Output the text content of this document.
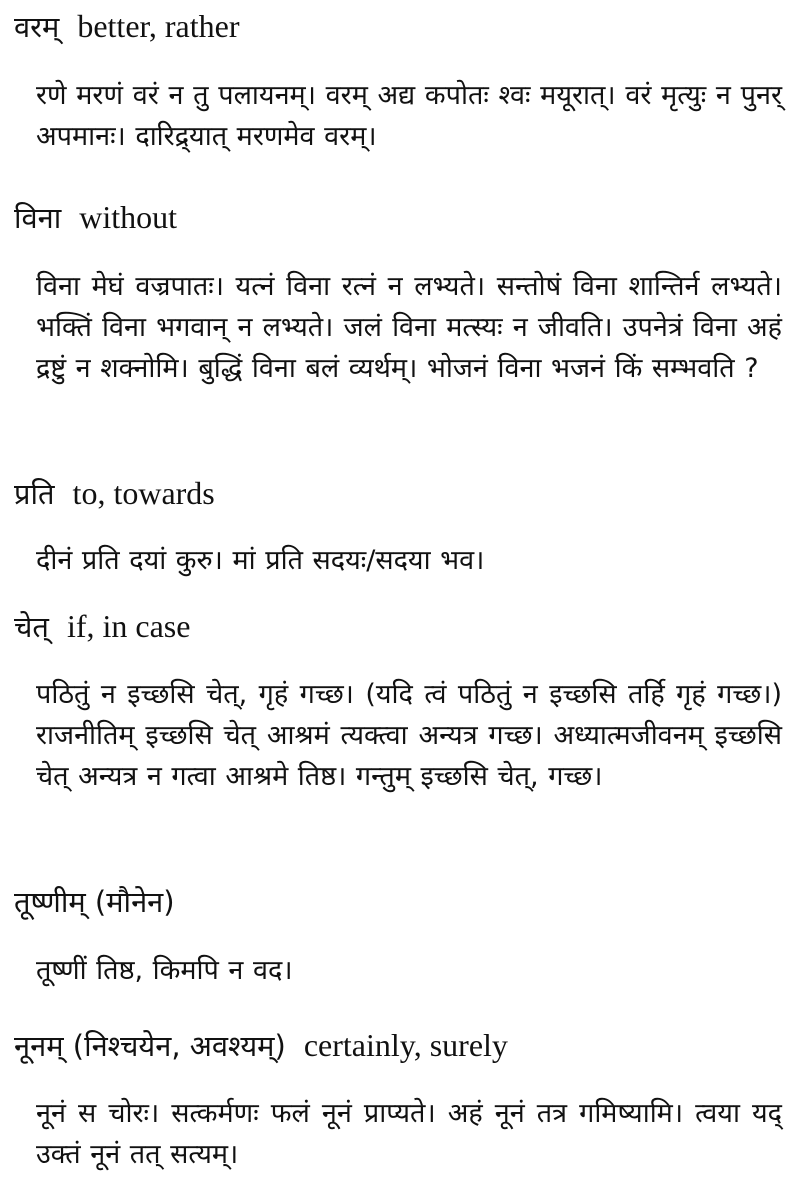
वरम् better, rather

रणे मरणं वरं न तु पलायनम्। वरम् अद्य कपोतः श्वः मयूरात्। वरं मृत्युः न पुनर् अपमानः। दारिद्र्यात् मरणमेव वरम्।

विना without

विना मेघं वज्रपातः। यत्नं विना रत्नं न लभ्यते। सन्तोषं विना शान्तिर्न लभ्यते। भक्तिं विना भगवान् न लभ्यते। जलं विना मत्स्यः न जीवति। उपनेत्रं विना अहं द्रष्टुं न शक्नोमि। बुद्धिं विना बलं व्यर्थम्। भोजनं विना भजनं किं सम्भवति ?

प्रति to, towards

दीनं प्रति दयां कुरु। मां प्रति सदयः/सदया भव।

चेत् if, in case

पठितुं न इच्छसि चेत्, गृहं गच्छ। (यदि त्वं पठितुं न इच्छसि तर्हि गृहं गच्छ।) राजनीतिम् इच्छसि चेत् आश्रमं त्यक्त्वा अन्यत्र गच्छ। अध्यात्मजीवनम् इच्छसि चेत् अन्यत्र न गत्वा आश्रमे तिष्ठ। गन्तुम् इच्छसि चेत्, गच्छ।

तूष्णीम् (मौनेन)

तूष्णीं तिष्ठ, किमपि न वद।

नूनम् (निश्चयेन, अवश्यम्) certainly, surely

नूनं स चोरः। सत्कर्मणः फलं नूनं प्राप्यते। अहं नूनं तत्र गमिष्यामि। त्वया यद् उक्तं नूनं तत् सत्यम्।
